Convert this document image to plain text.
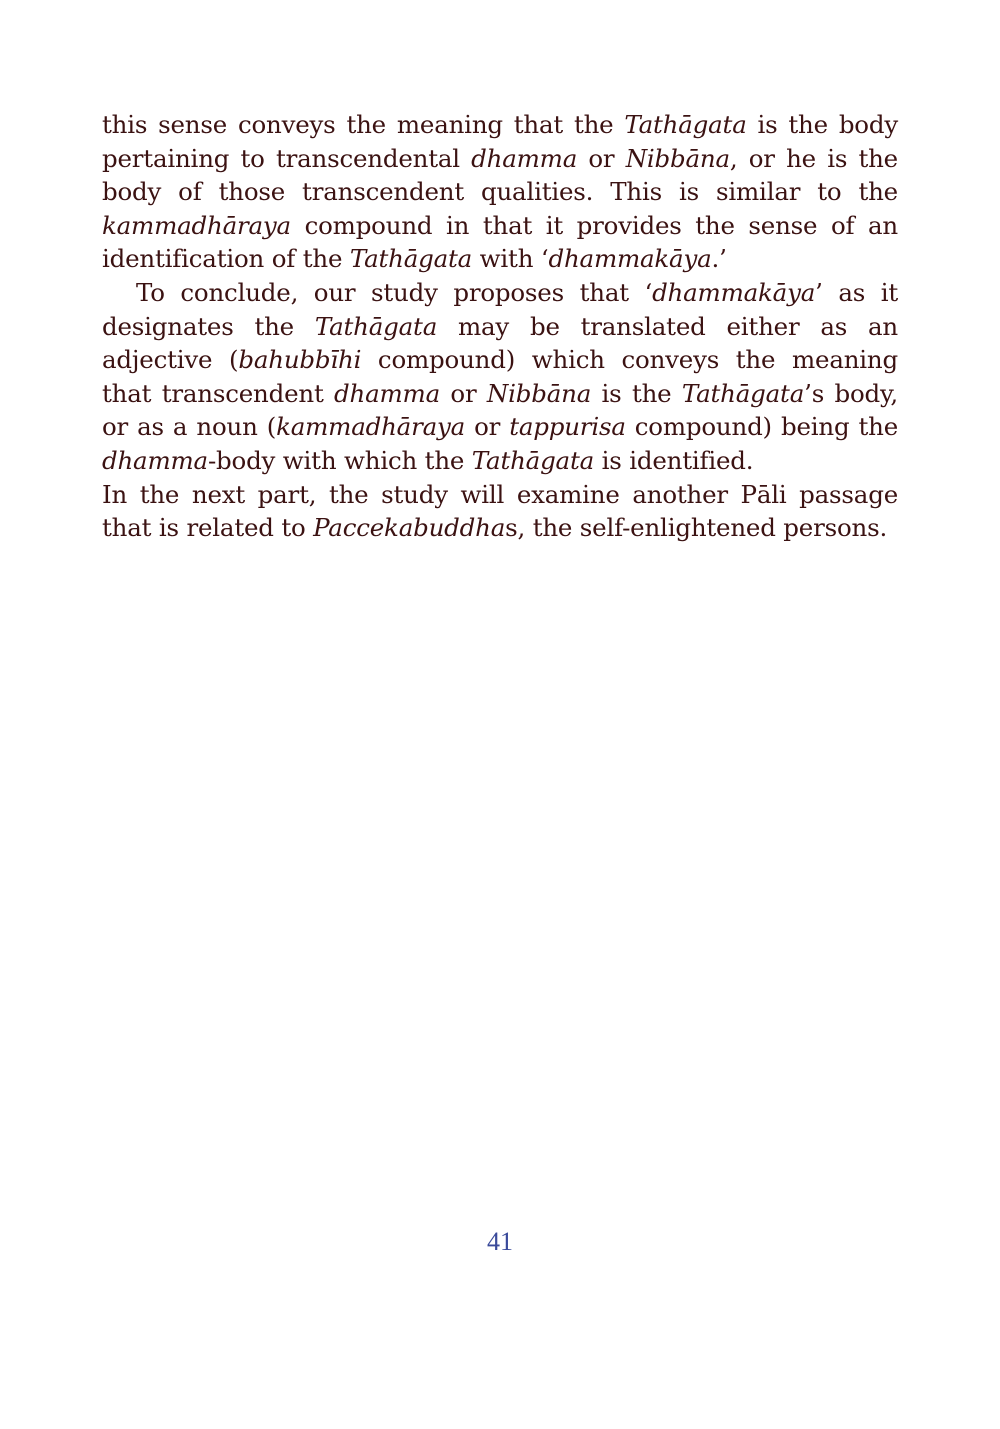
this sense conveys the meaning that the Tathāgata is the body pertaining to transcendental dhamma or Nibbāna, or he is the body of those transcendent qualities. This is similar to the kammadhāraya compound in that it provides the sense of an identification of the Tathāgata with ‘dhammakāya.’

To conclude, our study proposes that ‘dhammakāya’ as it designates the Tathāgata may be translated either as an adjective (bahubbīhi compound) which conveys the meaning that transcendent dhamma or Nibbāna is the Tathāgata’s body, or as a noun (kammadhāraya or tappurisa compound) being the dhamma-body with which the Tathāgata is identified.

In the next part, the study will examine another Pāli passage that is related to Paccekabuddhas, the self-enlightened persons.

41
